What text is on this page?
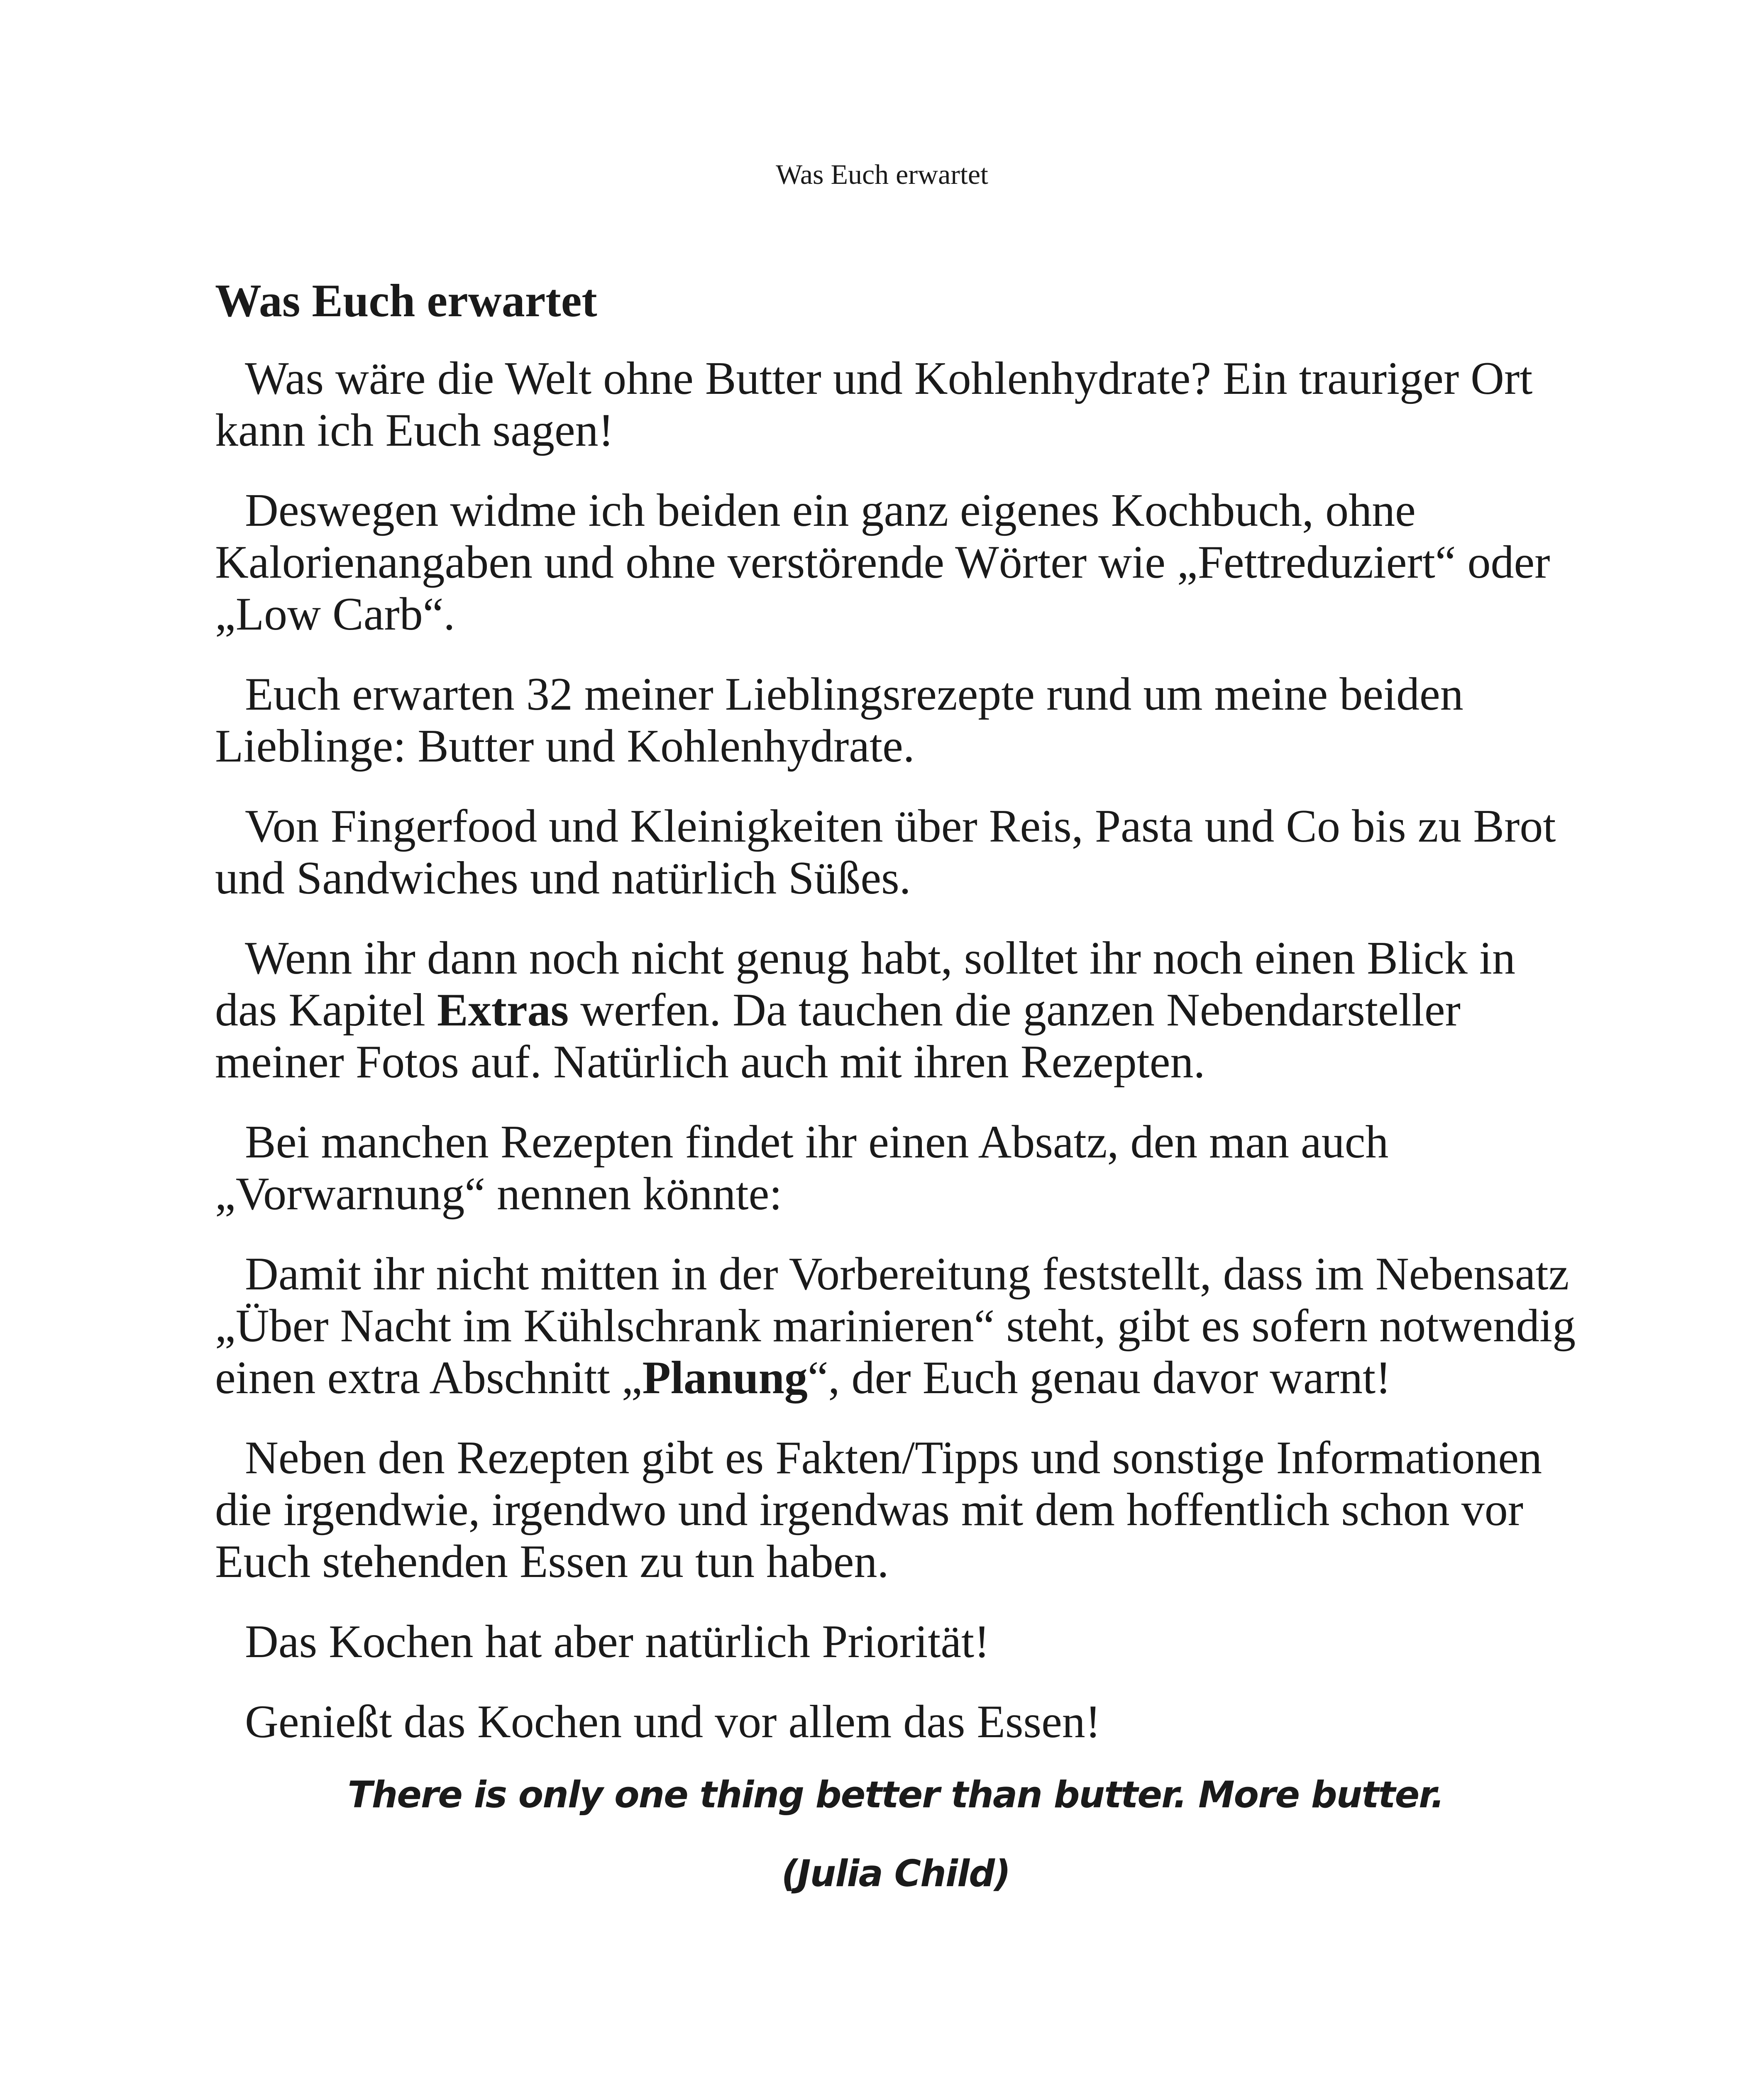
Was Euch erwartet
Was Euch erwartet

Was wäre die Welt ohne Butter und Kohlenhydrate? Ein trauriger Ort kann ich Euch sagen!

Deswegen widme ich beiden ein ganz eigenes Kochbuch, ohne Kalorienangaben und ohne verstörende Wörter wie „Fettreduziert“ oder „Low Carb“.

Euch erwarten 32 meiner Lieblingsrezepte rund um meine beiden Lieblinge: Butter und Kohlenhydrate.

Von Fingerfood und Kleinigkeiten über Reis, Pasta und Co bis zu Brot und Sandwiches und natürlich Süßes.

Wenn ihr dann noch nicht genug habt, solltet ihr noch einen Blick in das Kapitel Extras werfen. Da tauchen die ganzen Nebendarsteller meiner Fotos auf. Natürlich auch mit ihren Rezepten.

Bei manchen Rezepten findet ihr einen Absatz, den man auch „Vorwarnung“ nennen könnte:

Damit ihr nicht mitten in der Vorbereitung feststellt, dass im Nebensatz „Über Nacht im Kühlschrank marinieren“ steht, gibt es sofern notwendig einen extra Abschnitt „Planung“, der Euch genau davor warnt!

Neben den Rezepten gibt es Fakten/Tipps und sonstige Informationen die irgendwie, irgendwo und irgendwas mit dem hoffentlich schon vor Euch stehenden Essen zu tun haben.

Das Kochen hat aber natürlich Priorität!

Genießt das Kochen und vor allem das Essen!

There is only one thing better than butter. More butter.

(Julia Child)
